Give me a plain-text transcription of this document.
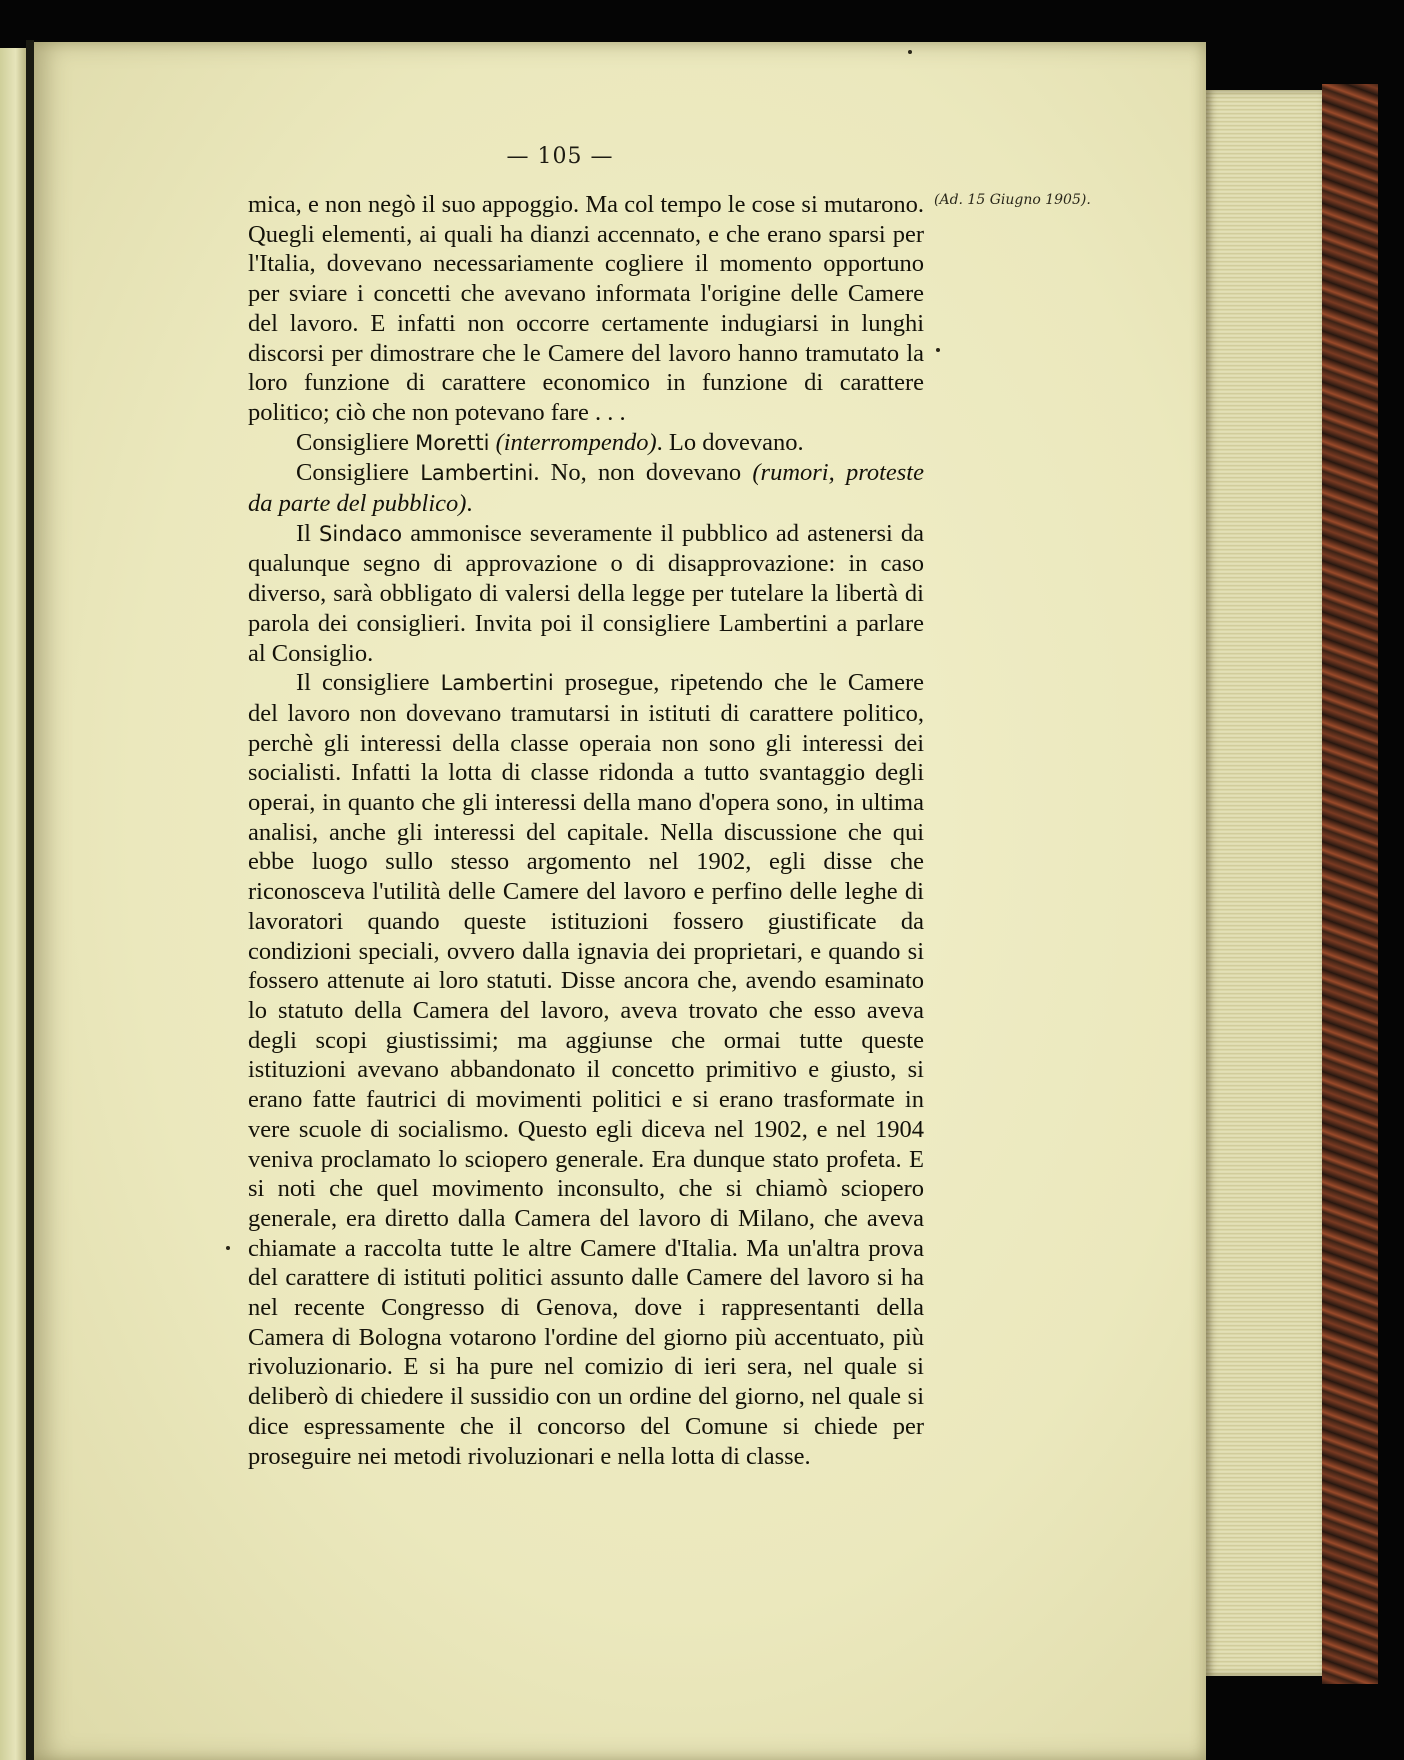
— 105 —
(Ad. 15 Giugno 1905).

mica, e non negò il suo appoggio. Ma col tempo le cose si mutarono. Quegli elementi, ai quali ha dianzi accennato, e che erano sparsi per l'Italia, dovevano necessariamente cogliere il momento opportuno per sviare i concetti che avevano informata l'origine delle Camere del lavoro. E infatti non occorre certamente indugiarsi in lunghi discorsi per dimostrare che le Camere del lavoro hanno tramutato la loro funzione di carattere economico in funzione di carattere politico; ciò che non potevano fare . . .

Consigliere Moretti (interrompendo). Lo dovevano.

Consigliere Lambertini. No, non dovevano (rumori, proteste da parte del pubblico).

Il Sindaco ammonisce severamente il pubblico ad astenersi da qualunque segno di approvazione o di disapprovazione: in caso diverso, sarà obbligato di valersi della legge per tutelare la libertà di parola dei consiglieri. Invita poi il consigliere Lambertini a parlare al Consiglio.

Il consigliere Lambertini prosegue, ripetendo che le Camere del lavoro non dovevano tramutarsi in istituti di carattere politico, perchè gli interessi della classe operaia non sono gli interessi dei socialisti. Infatti la lotta di classe ridonda a tutto svantaggio degli operai, in quanto che gli interessi della mano d'opera sono, in ultima analisi, anche gli interessi del capitale. Nella discussione che qui ebbe luogo sullo stesso argomento nel 1902, egli disse che riconosceva l'utilità delle Camere del lavoro e perfino delle leghe di lavoratori quando queste istituzioni fossero giustificate da condizioni speciali, ovvero dalla ignavia dei proprietari, e quando si fossero attenute ai loro statuti. Disse ancora che, avendo esaminato lo statuto della Camera del lavoro, aveva trovato che esso aveva degli scopi giustissimi; ma aggiunse che ormai tutte queste istituzioni avevano abbandonato il concetto primitivo e giusto, si erano fatte fautrici di movimenti politici e si erano trasformate in vere scuole di socialismo. Questo egli diceva nel 1902, e nel 1904 veniva proclamato lo sciopero generale. Era dunque stato profeta. E si noti che quel movimento inconsulto, che si chiamò sciopero generale, era diretto dalla Camera del lavoro di Milano, che aveva chiamate a raccolta tutte le altre Camere d'Italia. Ma un'altra prova del carattere di istituti politici assunto dalle Camere del lavoro si ha nel recente Congresso di Genova, dove i rappresentanti della Camera di Bologna votarono l'ordine del giorno più accentuato, più rivoluzionario. E si ha pure nel comizio di ieri sera, nel quale si deliberò di chiedere il sussidio con un ordine del giorno, nel quale si dice espressamente che il concorso del Comune si chiede per proseguire nei metodi rivoluzionari e nella lotta di classe.
